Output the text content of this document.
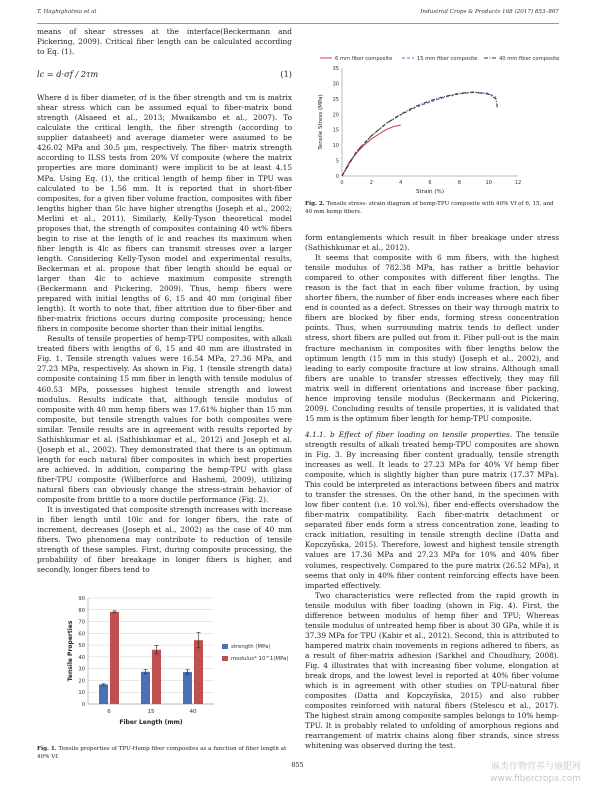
T. Haghighatnia et al	Industrial Crops & Products 168 (2017) 853–867

means of shear stresses at the interface(Beckermann and Pickering, 2009). Critical fiber length can be calculated according to Eq. (1).

lc = d·σf / 2τm	(1)

Where d is fiber diameter, σf is the fiber strength and τm is matrix shear stress which can be assumed equal to fiber-matrix bond strength (Alsaeed et al., 2013; Mwaikambo et al., 2007). To calculate the critical length, the fiber strength (according to supplier datasheet) and average diameter were assumed to be 426.02 MPa and 30.5 µm, respectively. The fiber- matrix strength according to ILSS tests from 20% Vf composite (where the matrix properties are more dominant) were implicit to be at least 4.15 MPa. Using Eq. (1), the critical length of hemp fiber in TPU was calculated to be 1.56 mm. It is reported that in short-fiber composites, for a given fiber volume fraction, composites with fiber lengths higher than 5lc have higher strengths (Joseph et al., 2002; Merlini et al., 2011). Similarly, Kelly-Tyson theoretical model proposes that, the strength of composites containing 40 wt% fibers begin to rise at the length of lc and reaches its maximum when fiber length is 4lc as fibers can transmit stresses over a larger length. Considering Kelly-Tyson model and experimental results, Beckerman et al. propose that fiber length should be equal or larger than 4lc to achieve maximum composite strength (Beckermann and Pickering, 2009). Thus, hemp fibers were prepared with initial lengths of 6, 15 and 40 mm (original fiber length). It worth to note that, fiber attrition due to fiber-fiber and fiber-matrix frictions occurs during composite processing; hence fibers in composite become shorter than their initial lengths.

Results of tensile properties of hemp-TPU composites, with alkali treated fibers with lengths of 6, 15 and 40 mm are illustrated in Fig. 1. Tensile strength values were 16.54 MPa, 27.36 MPa, and 27.23 MPa, respectively. As shown in Fig. 1 (tensile strength data) composite containing 15 mm fiber in length with tensile modulus of 460.53 MPa, possesses highest tensile strength and lowest modulus. Results indicate that, although tensile modulus of composite with 40 mm hemp fibers was 17.61% higher than 15 mm composite, but tensile strength values for both composites were similar. Tensile results are in agreement with results reported by Sathishkumar et al. (Sathishkumar et al., 2012) and Joseph et al. (Joseph et al., 2002). They demonstrated that there is an optimum length for each natural fiber composites in which best properties are achieved. In addition, comparing the hemp-TPU with glass fiber-TPU composite (Wilberforce and Hashemi, 2009), utilizing natural fibers can obviously change the stress-strain behavior of composite from brittle to a more ductile performance (Fig. 2).

It is investigated that composite strength increases with increase in fiber length until 10lc and for longer fibers, the rate of increment, decreases (Joseph et al., 2002) as the case of 40 mm fibers. Two phenomena may contribute to reduction of tensile strength of these samples. First, during composite processing, the probability of fiber breakage in longer fibers is higher, and secondly, longer fibers tend to

0
10
20
30
40
50
60
70
80
90
6	15	40
Fiber Length (mm)
Tensile Properties	strength (MPa)
modulus* 10^1(MPa)
Fig. 1. Tensile properties of TPU-Hemp fiber composites as a function of fiber length at 40% Vf.
0
5
10
15
20
25
30
35
0	2	4	6	8	10	12
Strain (%)
Tensile Stress (MPa)
6 mm fiber composite	15 mm fiber composite	40 mm fiber composite
Fig. 2. Tensile stress- strain diagram of hemp-TPU composite with 40% Vf of 6, 15, and 40 mm hemp fibers.

form entanglements which result in fiber breakage under stress (Sathishkumar et al., 2012).

It seems that composite with 6 mm fibers, with the highest tensile modulus of 782.38 MPa, has rather a brittle behavior compared to other composites with different fiber lengths. The reason is the fact that in each fiber volume fraction, by using shorter fibers, the number of fiber ends increases where each fiber end is counted as a defect. Stresses on their way through matrix to fibers are blocked by fiber ends, forming stress concentration points. Thus, when surrounding matrix tends to deflect under stress, short fibers are pulled out from it. Fiber pull-out is the main fracture mechanism in composites with fiber lengths below the optimum length (15 mm in this study) (Joseph et al., 2002), and leading to early composite fracture at low strains. Although small fibers are unable to transfer stresses effectively, they may fill matrix well in different orientations and increase fiber packing, hence improving tensile modulus (Beckermann and Pickering, 2009). Concluding results of tensile properties, it is validated that 15 mm is the optimum fiber length for hemp-TPU composite.

4.1.1. b Effect of fiber loading on tensile properties. The tensile strength results of alkali treated hemp-TPU composites are shown in Fig. 3. By increasing fiber content gradually, tensile strength increases as well. It leads to 27.23 MPa for 40% Vf hemp fiber composite, which is slightly higher than pure matrix (17.37 MPa). This could be interpreted as interactions between fibers and matrix to transfer the stresses. On the other hand, in the specimen with low fiber content (i.e. 10 vol.%), fiber end-effects overshadow the fiber-matrix compatibility. Each fiber-matrix detachment or separated fiber ends form a stress concentration zone, leading to crack initiation, resulting in tensile strength decline (Datta and Kopczyñska, 2015). Therefore, lowest and highest tensile strength values are 17.36 MPa and 27.23 MPa for 10% and 40% fiber volumes, respectively. Compared to the pure matrix (26.52 MPa), it seems that only in 40% fiber content reinforcing effects have been imparted effectively.

Two characteristics were reflected from the rapid growth in tensile modulus with fiber loading (shown in Fig. 4). First, the difference between modulus of hemp fiber and TPU; Whereas tensile modulus of untreated hemp fiber is about 30 GPa, while it is 37.39 MPa for TPU (Kabir et al., 2012). Second, this is attributed to hampered matrix chain movements in regions adhered to fibers, as a result of fiber-matrix adhesion (Sarkhel and Choudhury, 2008). Fig. 4 illustrates that with increasing fiber volume, elongation at break drops, and the lowest level is reported at 40% fiber volume which is in agreement with other studies on TPU-natural fiber composites (Datta and Kopczyñska, 2015) and also rubber composites reinforced with natural fibers (Stelescu et al., 2017). The highest strain among composite samples belongs to 10% hemp-TPU. It is probably related to unfolding of amorphous regions and rearrangement of matrix chains along fiber strands, since stress whitening was observed during the test.

855	麻类作物营养与施肥网
www.fibercrops.com
